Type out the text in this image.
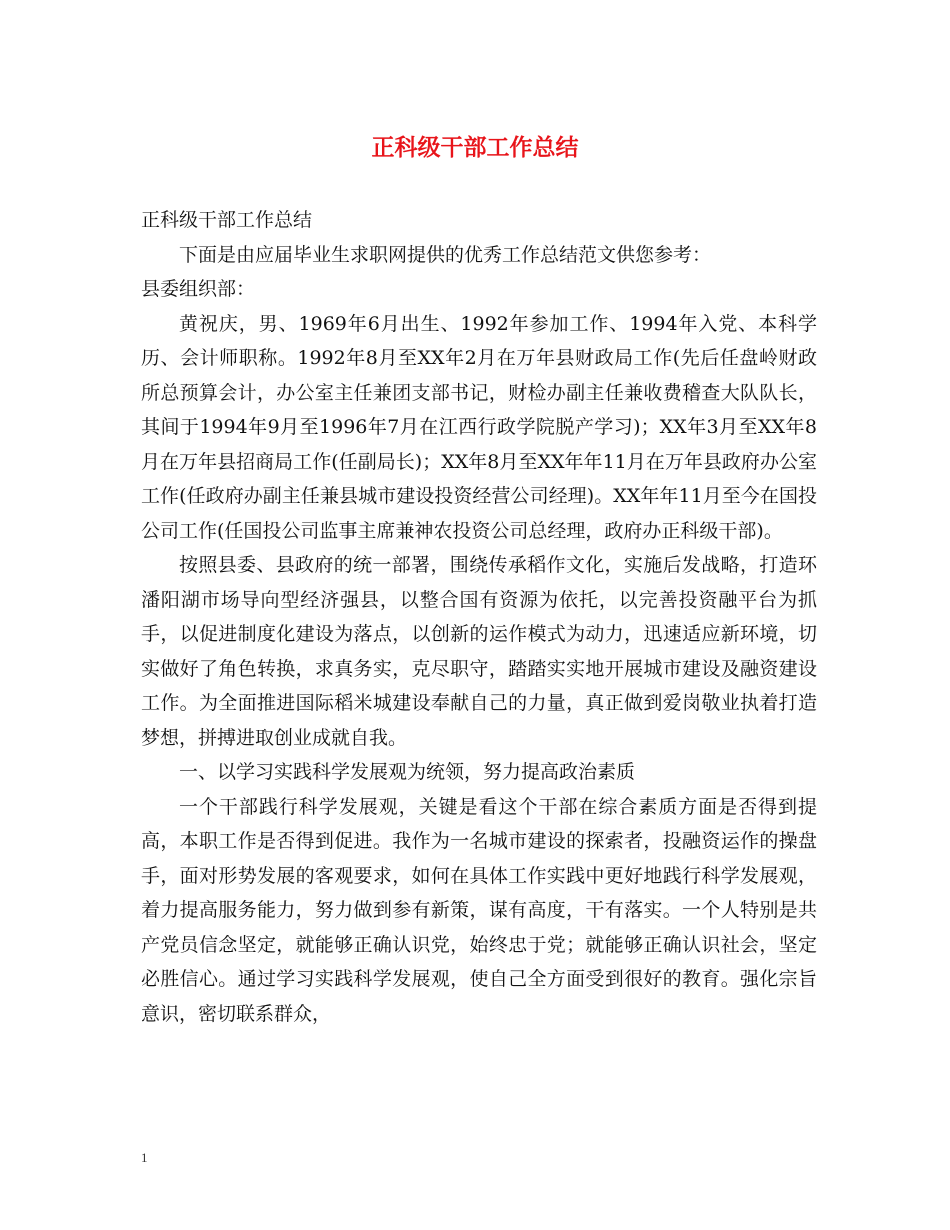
正科级干部工作总结

正科级干部工作总结

下面是由应届毕业生求职网提供的优秀工作总结范文供您参考：

县委组织部：

黄祝庆，男、1969年6月出生、1992年参加工作、1994年入党、本科学历、会计师职称。1992年8月至XX年2月在万年县财政局工作(先后任盘岭财政所总预算会计，办公室主任兼团支部书记，财检办副主任兼收费稽查大队队长，其间于1994年9月至1996年7月在江西行政学院脱产学习)；XX年3月至XX年8月在万年县招商局工作(任副局长)；XX年8月至XX年年11月在万年县政府办公室工作(任政府办副主任兼县城市建设投资经营公司经理)。XX年年11月至今在国投公司工作(任国投公司监事主席兼神农投资公司总经理，政府办正科级干部)。

按照县委、县政府的统一部署，围绕传承稻作文化，实施后发战略，打造环潘阳湖市场导向型经济强县，以整合国有资源为依托，以完善投资融平台为抓手，以促进制度化建设为落点，以创新的运作模式为动力，迅速适应新环境，切实做好了角色转换，求真务实，克尽职守，踏踏实实地开展城市建设及融资建设工作。为全面推进国际稻米城建设奉献自己的力量，真正做到爱岗敬业执着打造梦想，拼搏进取创业成就自我。

一、以学习实践科学发展观为统领，努力提高政治素质

一个干部践行科学发展观，关键是看这个干部在综合素质方面是否得到提高，本职工作是否得到促进。我作为一名城市建设的探索者，投融资运作的操盘手，面对形势发展的客观要求，如何在具体工作实践中更好地践行科学发展观，着力提高服务能力，努力做到参有新策，谋有高度，干有落实。一个人特别是共产党员信念坚定，就能够正确认识党，始终忠于党；就能够正确认识社会，坚定必胜信心。通过学习实践科学发展观，使自己全方面受到很好的教育。强化宗旨意识，密切联系群众，

1
